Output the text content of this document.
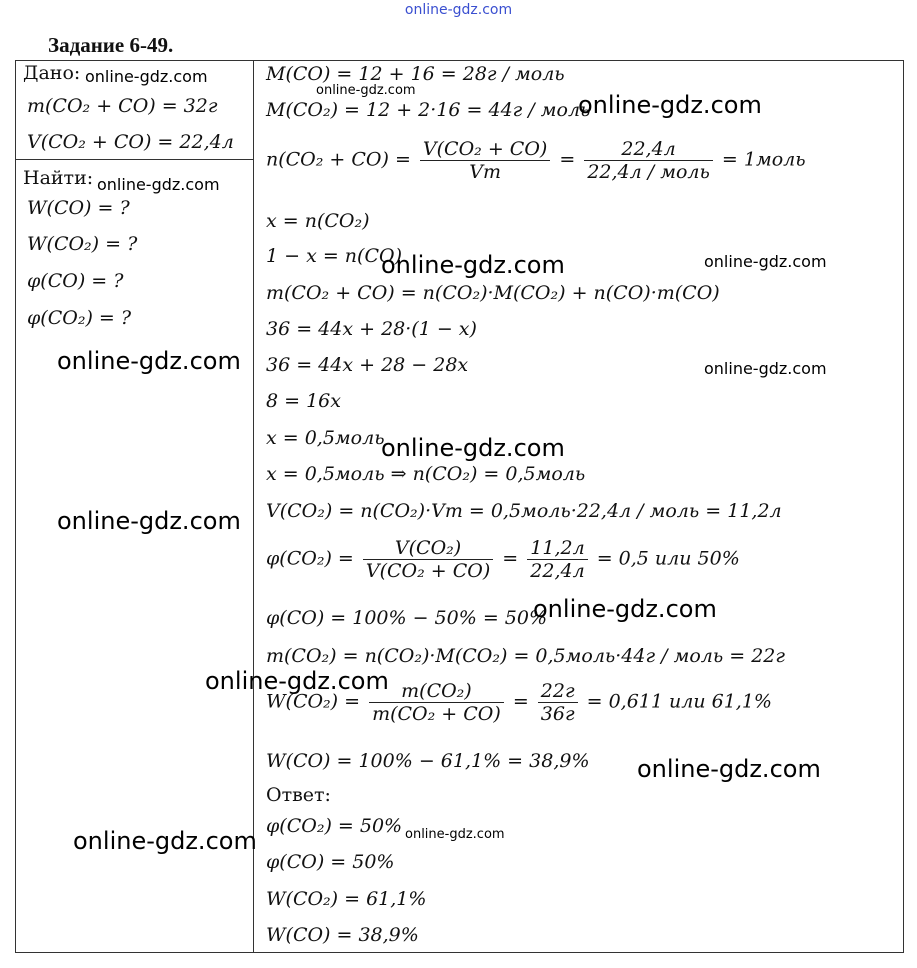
online-gdz.com
Задание 6-49.
Дано:
m(CO₂ + CO) = 32г
V(CO₂ + CO) = 22,4л
Найти:
W(CO) = ?
W(CO₂) = ?
φ(CO) = ?
φ(CO₂) = ?
M(CO) = 12 + 16 = 28г / моль
M(CO₂) = 12 + 2·16 = 44г / моль
$n(CO_2 + CO) = \frac{\text{V(CO₂ + CO)}}{Vm} = \frac{22,4л}{\text{22,4л / моль}}$ = 1моль
x = n(CO₂)
1 − x = n(CO)
m(CO₂ + CO) = n(CO₂)·M(CO₂) + n(CO)·m(CO)
36 = 44x + 28·(1 − x)
36 = 44x + 28 − 28x
8 = 16x
x = 0,5моль
x = 0,5моль ⇒ n(CO₂) = 0,5моль
V(CO₂) = n(CO₂)·Vm = 0,5моль·22,4л / моль = 11,2л
$\varphi(CO_2) = \frac{\text{V(CO₂)}}{\text{V(CO₂ + CO)}} = \frac{11,2л}{22,4л} = 0,5$ или 50%
φ(CO) = 100% − 50% = 50%
m(CO₂) = n(CO₂)·M(CO₂) = 0,5моль·44г / моль = 22г
$W(CO_2) = \frac{\text{m(CO₂)}}{\text{m(CO₂ + CO)}} = \frac{22г}{36г} = 0,611$ или 61,1%
W(CO) = 100% − 61,1% = 38,9%
Ответ:
φ(CO₂) = 50%
φ(CO) = 50%
W(CO₂) = 61,1%
W(CO) = 38,9%
online-gdz.com
online-gdz.com
online-gdz.com
online-gdz.com
online-gdz.com	online-gdz.com
online-gdz.com	online-gdz.com
online-gdz.com
online-gdz.com
online-gdz.com
online-gdz.com
online-gdz.com
online-gdz.com	online-gdz.com
